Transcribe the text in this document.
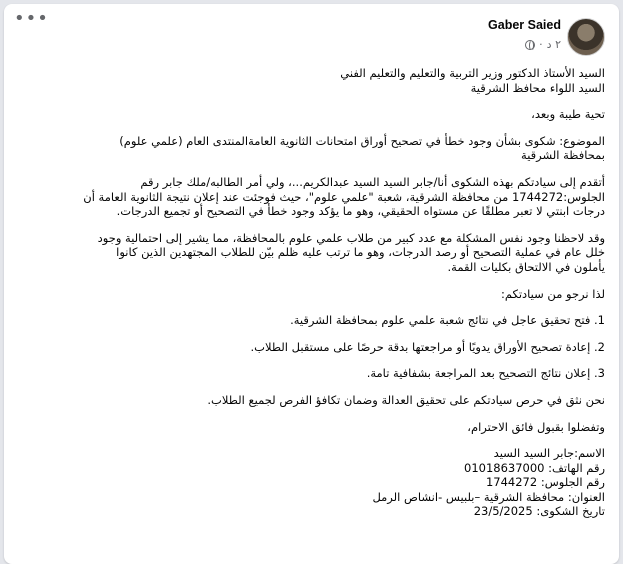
Gaber Saied
٢ د
·
•••
السيد الأستاذ الدكتور وزير التربية والتعليم والتعليم الفني
السيد اللواء محافظ الشرقية
تحية طيبة وبعد،
الموضوع: شكوى بشأن وجود خطأ في تصحيح أوراق امتحانات الثانوية العامةالمنتدى العام (علمي علوم)
بمحافظة الشرقية
أتقدم إلى سيادتكم بهذه الشكوى أنا/جابر السيد السيد عبدالكريم...، ولي أمر الطالبه/ملك جابر رقم
الجلوس:1744272 من محافظة الشرقية، شعبة "علمي علوم"، حيث فوجئت عند إعلان نتيجة الثانوية العامة أن
درجات ابنتي لا تعبر مطلقًا عن مستواه الحقيقي، وهو ما يؤكد وجود خطأ في التصحيح أو تجميع الدرجات.
وقد لاحظنا وجود نفس المشكلة مع عدد كبير من طلاب علمي علوم بالمحافظة، مما يشير إلى احتمالية وجود
خلل عام في عملية التصحيح أو رصد الدرجات، وهو ما ترتب عليه ظلم بيّن للطلاب المجتهدين الذين كانوا
يأملون في الالتحاق بكليات القمة.
لذا نرجو من سيادتكم:
1. فتح تحقيق عاجل في نتائج شعبة علمي علوم بمحافظة الشرقية.
2. إعادة تصحيح الأوراق يدويًا أو مراجعتها بدقة حرصًا على مستقبل الطلاب.
3. إعلان نتائج التصحيح بعد المراجعة بشفافية تامة.
نحن نثق في حرص سيادتكم على تحقيق العدالة وضمان تكافؤ الفرص لجميع الطلاب.
وتفضلوا بقبول فائق الاحترام،
الاسم:جابر السيد السيد
رقم الهاتف: 01018637000
رقم الجلوس: 1744272
العنوان: محافظة الشرقية –بلبيس -انشاص الرمل
تاريخ الشكوى: 23/5/2025
